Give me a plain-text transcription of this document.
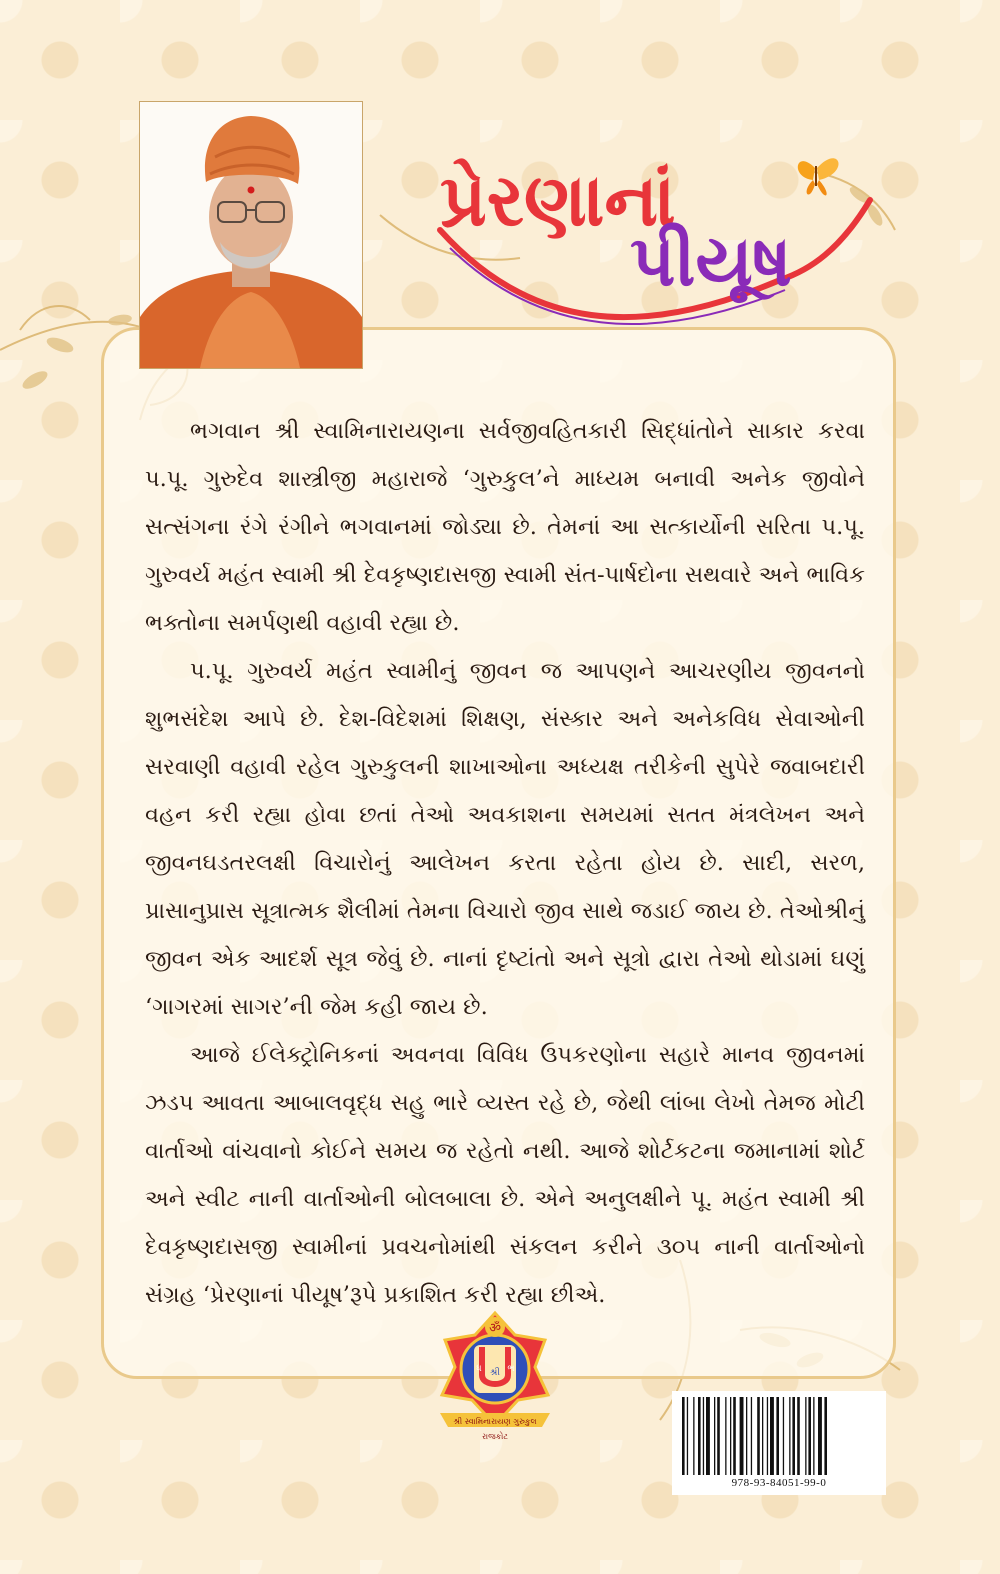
પ્રેરણાનાં
પીયૂષ

ભગવાન શ્રી સ્વામિનારાયણના સર્વજીવહિતકારી સિદ્ધાંતોને સાકાર કરવા પ.પૂ. ગુરુદેવ શાસ્ત્રીજી મહારાજે ‘ગુરુકુલ’ને માધ્યમ બનાવી અનેક જીવોને સત્સંગના રંગે રંગીને ભગવાનમાં જોડ્યા છે. તેમનાં આ સત્કાર્યોની સરિતા પ.પૂ. ગુરુવર્ય મહંત સ્વામી શ્રી દેવકૃષ્ણદાસજી સ્વામી સંત-પાર્ષદોના સથવારે અને ભાવિક ભક્તોના સમર્પણથી વહાવી રહ્યા છે.

પ.પૂ. ગુરુવર્ય મહંત સ્વામીનું જીવન જ આપણને આચરણીય જીવનનો શુભસંદેશ આપે છે. દેશ-વિદેશમાં શિક્ષણ, સંસ્કાર અને અનેકવિધ સેવાઓની સરવાણી વહાવી રહેલ ગુરુકુલની શાખાઓના અધ્યક્ષ તરીકેની સુપેરે જવાબદારી વહન કરી રહ્યા હોવા છતાં તેઓ અવકાશના સમયમાં સતત મંત્રલેખન અને જીવનઘડતરલક્ષી વિચારોનું આલેખન કરતા રહેતા હોય છે. સાદી, સરળ, પ્રાસાનુપ્રાસ સૂત્રાત્મક શૈલીમાં તેમના વિચારો જીવ સાથે જડાઈ જાય છે. તેઓશ્રીનું જીવન એક આદર્શ સૂત્ર જેવું છે. નાનાં દૃષ્ટાંતો અને સૂત્રો દ્વારા તેઓ થોડામાં ઘણું ‘ગાગરમાં સાગર’ની જેમ કહી જાય છે.

આજે ઈલેક્ટ્રોનિકનાં અવનવા વિવિધ ઉપકરણોના સહારે માનવ જીવનમાં ઝડપ આવતા આબાલવૃદ્ધ સહુ ભારે વ્યસ્ત રહે છે, જેથી લાંબા લેખો તેમજ મોટી વાર્તાઓ વાંચવાનો કોઈને સમય જ રહેતો નથી. આજે શોર્ટકટના જમાનામાં શોર્ટ અને સ્વીટ નાની વાર્તાઓની બોલબાલા છે. એને અનુલક્ષીને પૂ. મહંત સ્વામી શ્રી દેવકૃષ્ણદાસજી સ્વામીનાં પ્રવચનોમાંથી સંકલન કરીને ૩૦૫ નાની વાર્તાઓનો સંગ્રહ ‘પ્રેરણાનાં પીયૂષ’રૂપે પ્રકાશિત કરી રહ્યા છીએ.

ॐ
ધ શ્રી ભ
શ્રી સ્વામિનારાયણ ગુરુકુલ
રાજકોટ
978-93-84051-99-0
